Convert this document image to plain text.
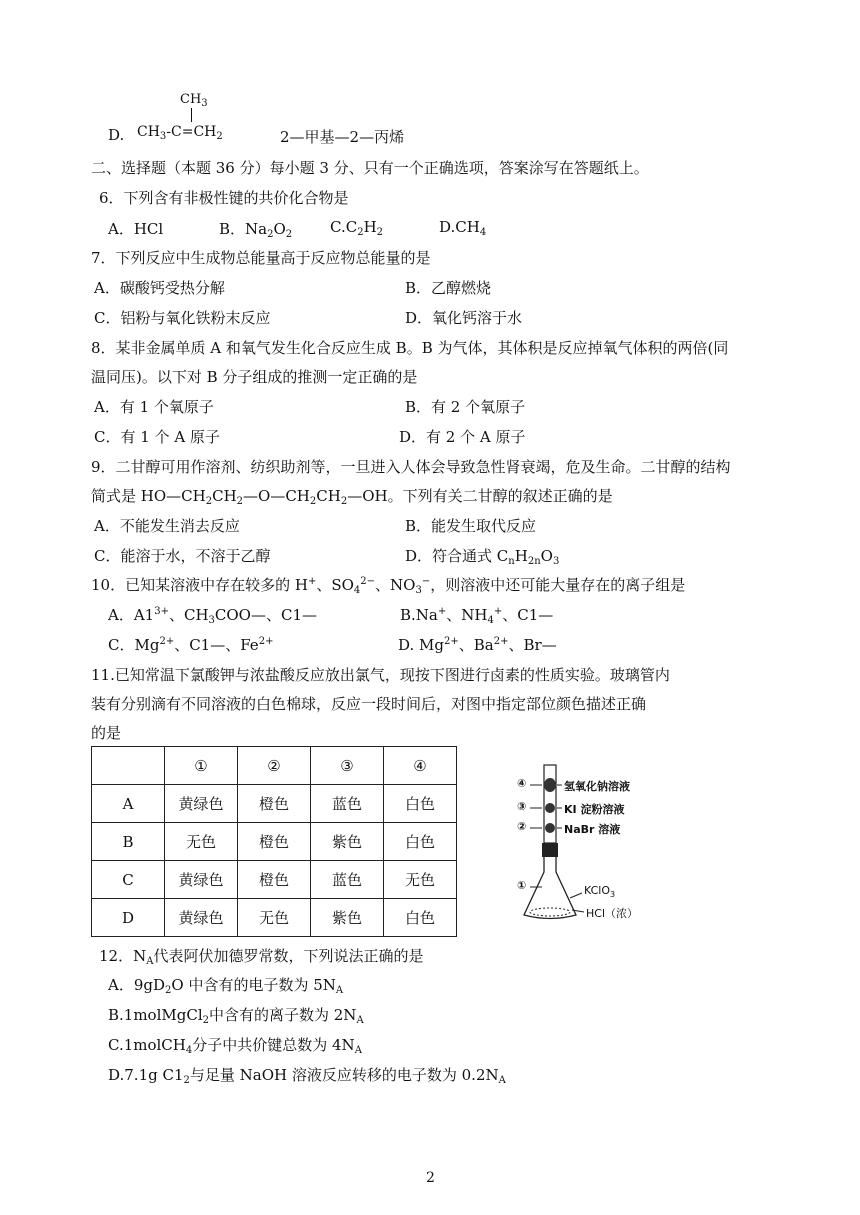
$CH_3$
D. $CH_3-C=CH_2$	2—甲基—2—丙烯
二、选择题（本题 36 分）每小题 3 分、只有一个正确选项，答案涂写在答题纸上。
6．下列含有非极性键的共价化合物是
A．HCl	B．$Na_2O_2$	$C.C_2H_2$	$D.CH_4$
7．下列反应中生成物总能量高于反应物总能量的是
A．碳酸钙受热分解	B．乙醇燃烧
C．铝粉与氧化铁粉末反应	D．氧化钙溶于水
8．某非金属单质 A 和氧气发生化合反应生成 B。B 为气体，其体积是反应掉氧气体积的两倍(同
温同压)。以下对 B 分子组成的推测一定正确的是
A．有 1 个氧原子	B．有 2 个氧原子
C．有 1 个 A 原子	D．有 2 个 A 原子
9．二甘醇可用作溶剂、纺织助剂等，一旦进入人体会导致急性肾衰竭，危及生命。二甘醇的结构
简式是 $HO—CH_2CH_2—O—CH_2CH_2—OH$。下列有关二甘醇的叙述正确的是
A．不能发生消去反应	B．能发生取代反应
C．能溶于水，不溶于乙醇	D．符合通式 $C_nH_{2n}O_3$
10．已知某溶液中存在较多的 H+、$SO_4^{2-}$、$NO_3^-$，则溶液中还可能大量存在的离子组是
A．$A1^{3+}$、$CH_3COO—$、C1—	B.Na+、$NH_4^+$、C1—
C．$Mg^{2+}$、C1—、$Fe^{2+}$	D. $Mg^{2+}$、$Ba^{2+}$、Br—
11.已知常温下氯酸钾与浓盐酸反应放出氯气，现按下图进行卤素的性质实验。玻璃管内
装有分别滴有不同溶液的白色棉球，反应一段时间后，对图中指定部位颜色描述正确
的是
	①	②	③	④
A	黄绿色	橙色	蓝色	白色
B	无色	橙色	紫色	白色
C	黄绿色	橙色	蓝色	无色
D	黄绿色	无色	紫色	白色
④	氢氧化钠溶液
③	KI 淀粉溶液
②	NaBr 溶液
①	KClO$_3$
HCl（浓）
12．$N_A$代表阿伏加德罗常数，下列说法正确的是
A．$9gD_2O$ 中含有的电子数为 $5N_A$
B.1molMgCl$_2$中含有的离子数为 $2N_A$
C.1molCH$_4$分子中共价键总数为 $4N_A$
D.7.1g $C1_2$与足量 NaOH 溶液反应转移的电子数为 $0.2N_A$
2
